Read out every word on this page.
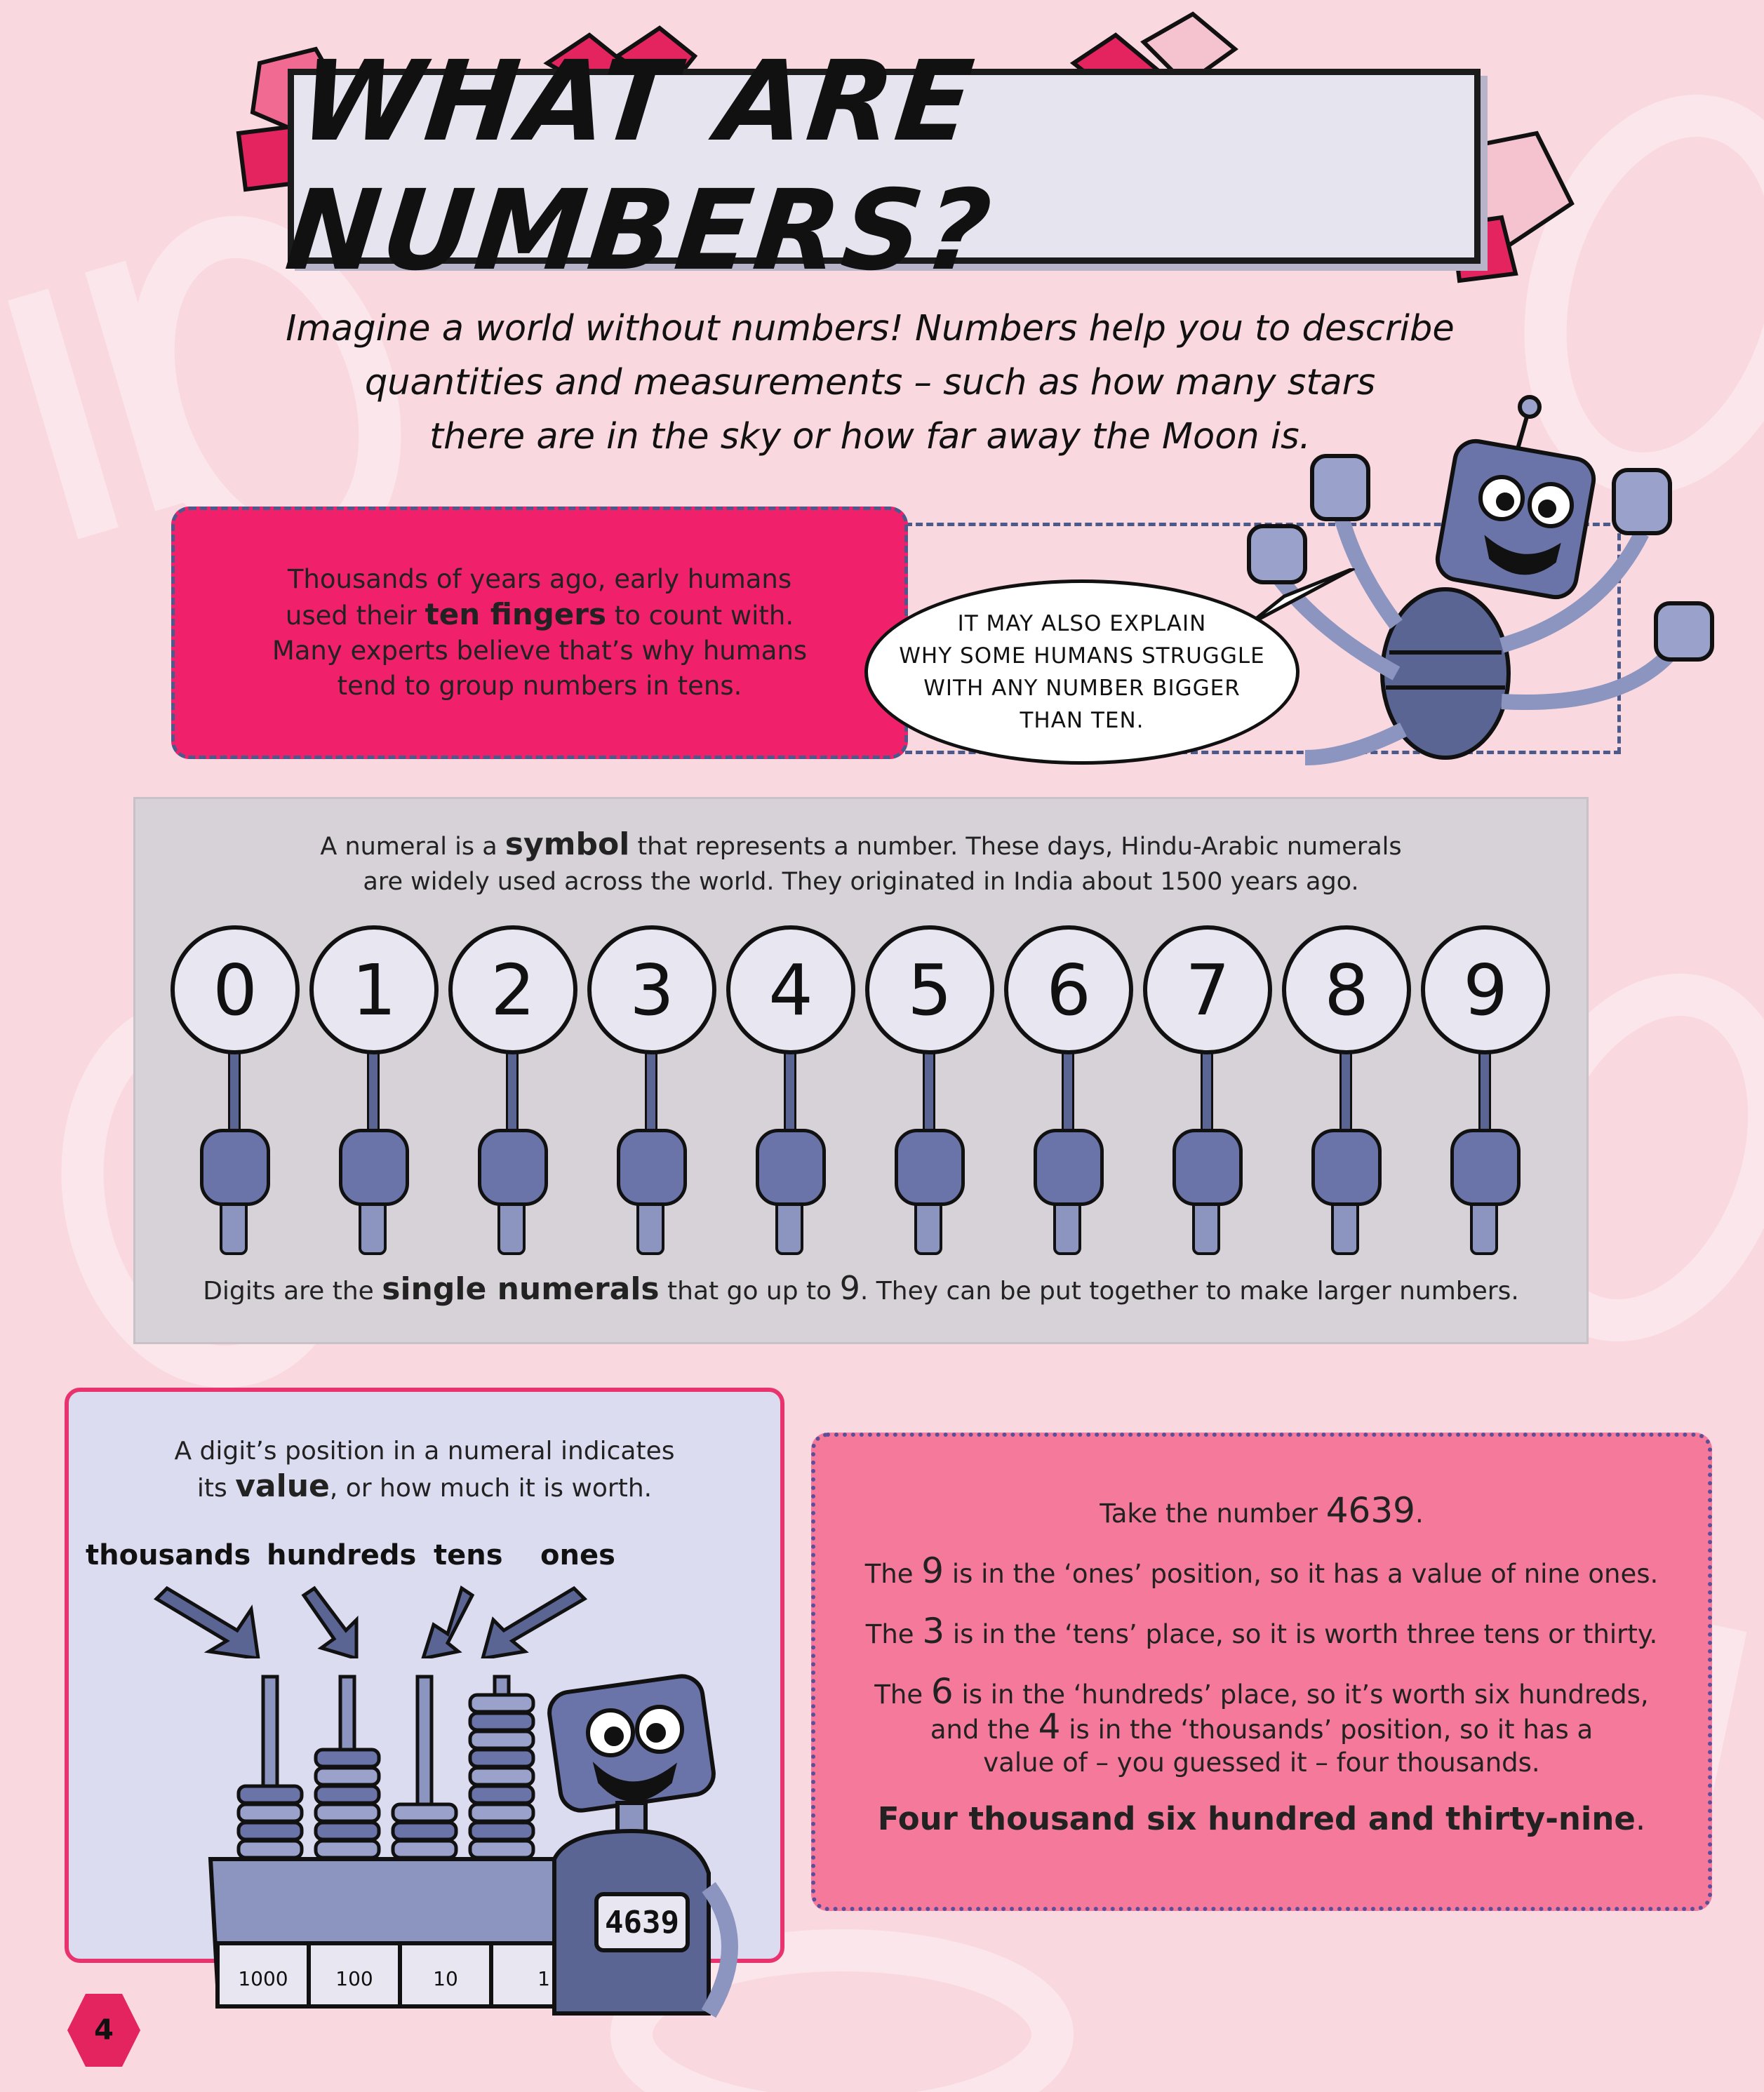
WHAT ARE NUMBERS?
Imagine a world without numbers! Numbers help you to describe
quantities and measurements – such as how many stars
there are in the sky or how far away the Moon is.
Thousands of years ago, early humans
used their ten fingers to count with.
Many experts believe that’s why humans
tend to group numbers in tens.
IT MAY ALSO EXPLAIN
WHY SOME HUMANS STRUGGLE
WITH ANY NUMBER BIGGER
THAN TEN.
A numeral is a symbol that represents a number. These days, Hindu-Arabic numerals
are widely used across the world. They originated in India about 1500 years ago.
0	1	2	3	4	5	6	7	8	9
Digits are the single numerals that go up to 9. They can be put together to make larger numbers.
A digit’s position in a numeral indicates
its value, or how much it is worth.
thousands hundreds tens ones
1000 100	10	1
4639
Take the number 4639.
The 9 is in the ‘ones’ position, so it has a value of nine ones.
The 3 is in the ‘tens’ place, so it is worth three tens or thirty.
The 6 is in the ‘hundreds’ place, so it’s worth six hundreds,
and the 4 is in the ‘thousands’ position, so it has a
value of – you guessed it – four thousands.
Four thousand six hundred and thirty-nine.
4
